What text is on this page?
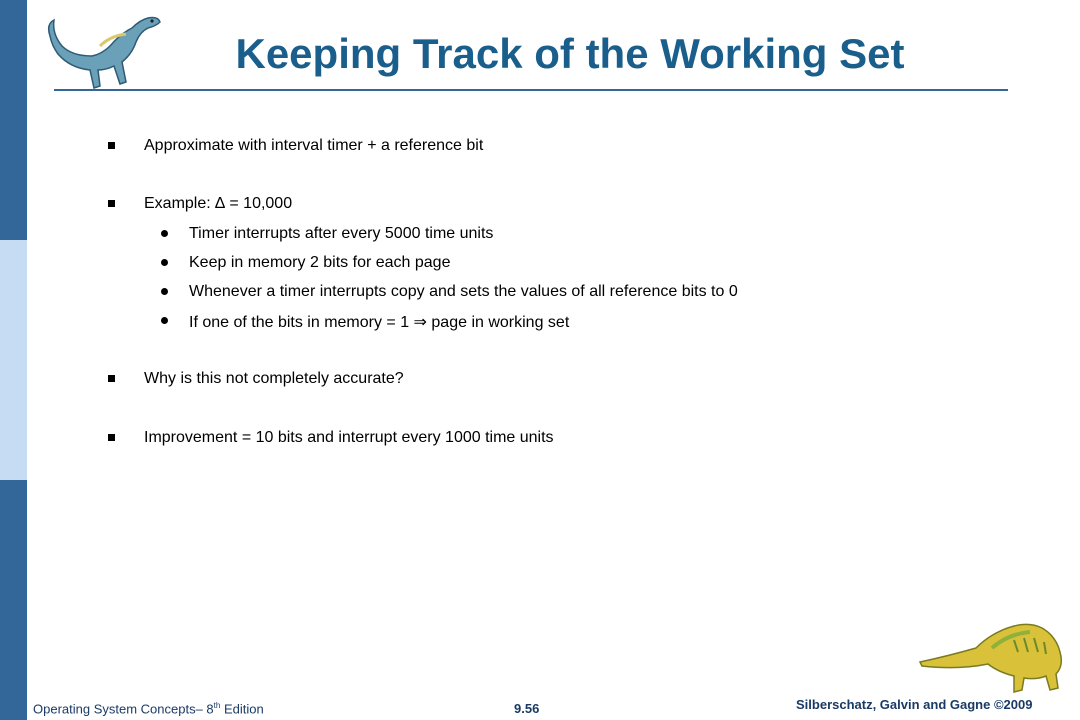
Keeping Track of the Working Set
Approximate with interval timer + a reference bit
Example: ∆ = 10,000
Timer interrupts after every 5000 time units
Keep in memory 2 bits for each page
Whenever a timer interrupts copy and sets the values of all reference bits to 0
If one of the bits in memory = 1 ⇒ page in working set
Why is this not completely accurate?
Improvement = 10 bits and interrupt every 1000 time units
Operating System Concepts– 8th Edition	9.56	Silberschatz, Galvin and Gagne ©2009
